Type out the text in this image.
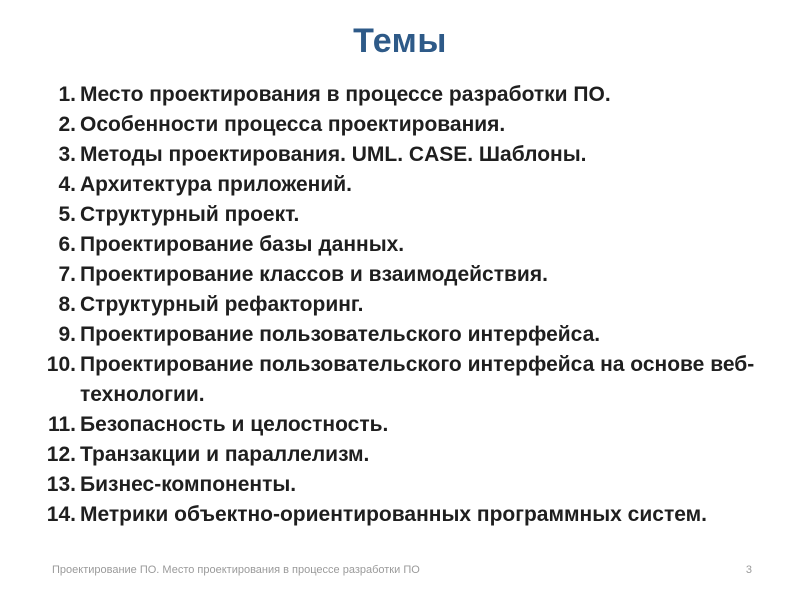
Темы
1. Место проектирования в процессе разработки ПО.
2. Особенности процесса проектирования.
3. Методы проектирования. UML. CASE. Шаблоны.
4. Архитектура приложений.
5. Структурный проект.
6. Проектирование базы данных.
7. Проектирование классов и взаимодействия.
8. Структурный рефакторинг.
9. Проектирование пользовательского интерфейса.
10. Проектирование пользовательского интерфейса на основе веб-технологии.
11. Безопасность и целостность.
12. Транзакции и параллелизм.
13. Бизнес-компоненты.
14. Метрики объектно-ориентированных программных систем.
Проектирование ПО. Место проектирования в процессе разработки ПО	3
